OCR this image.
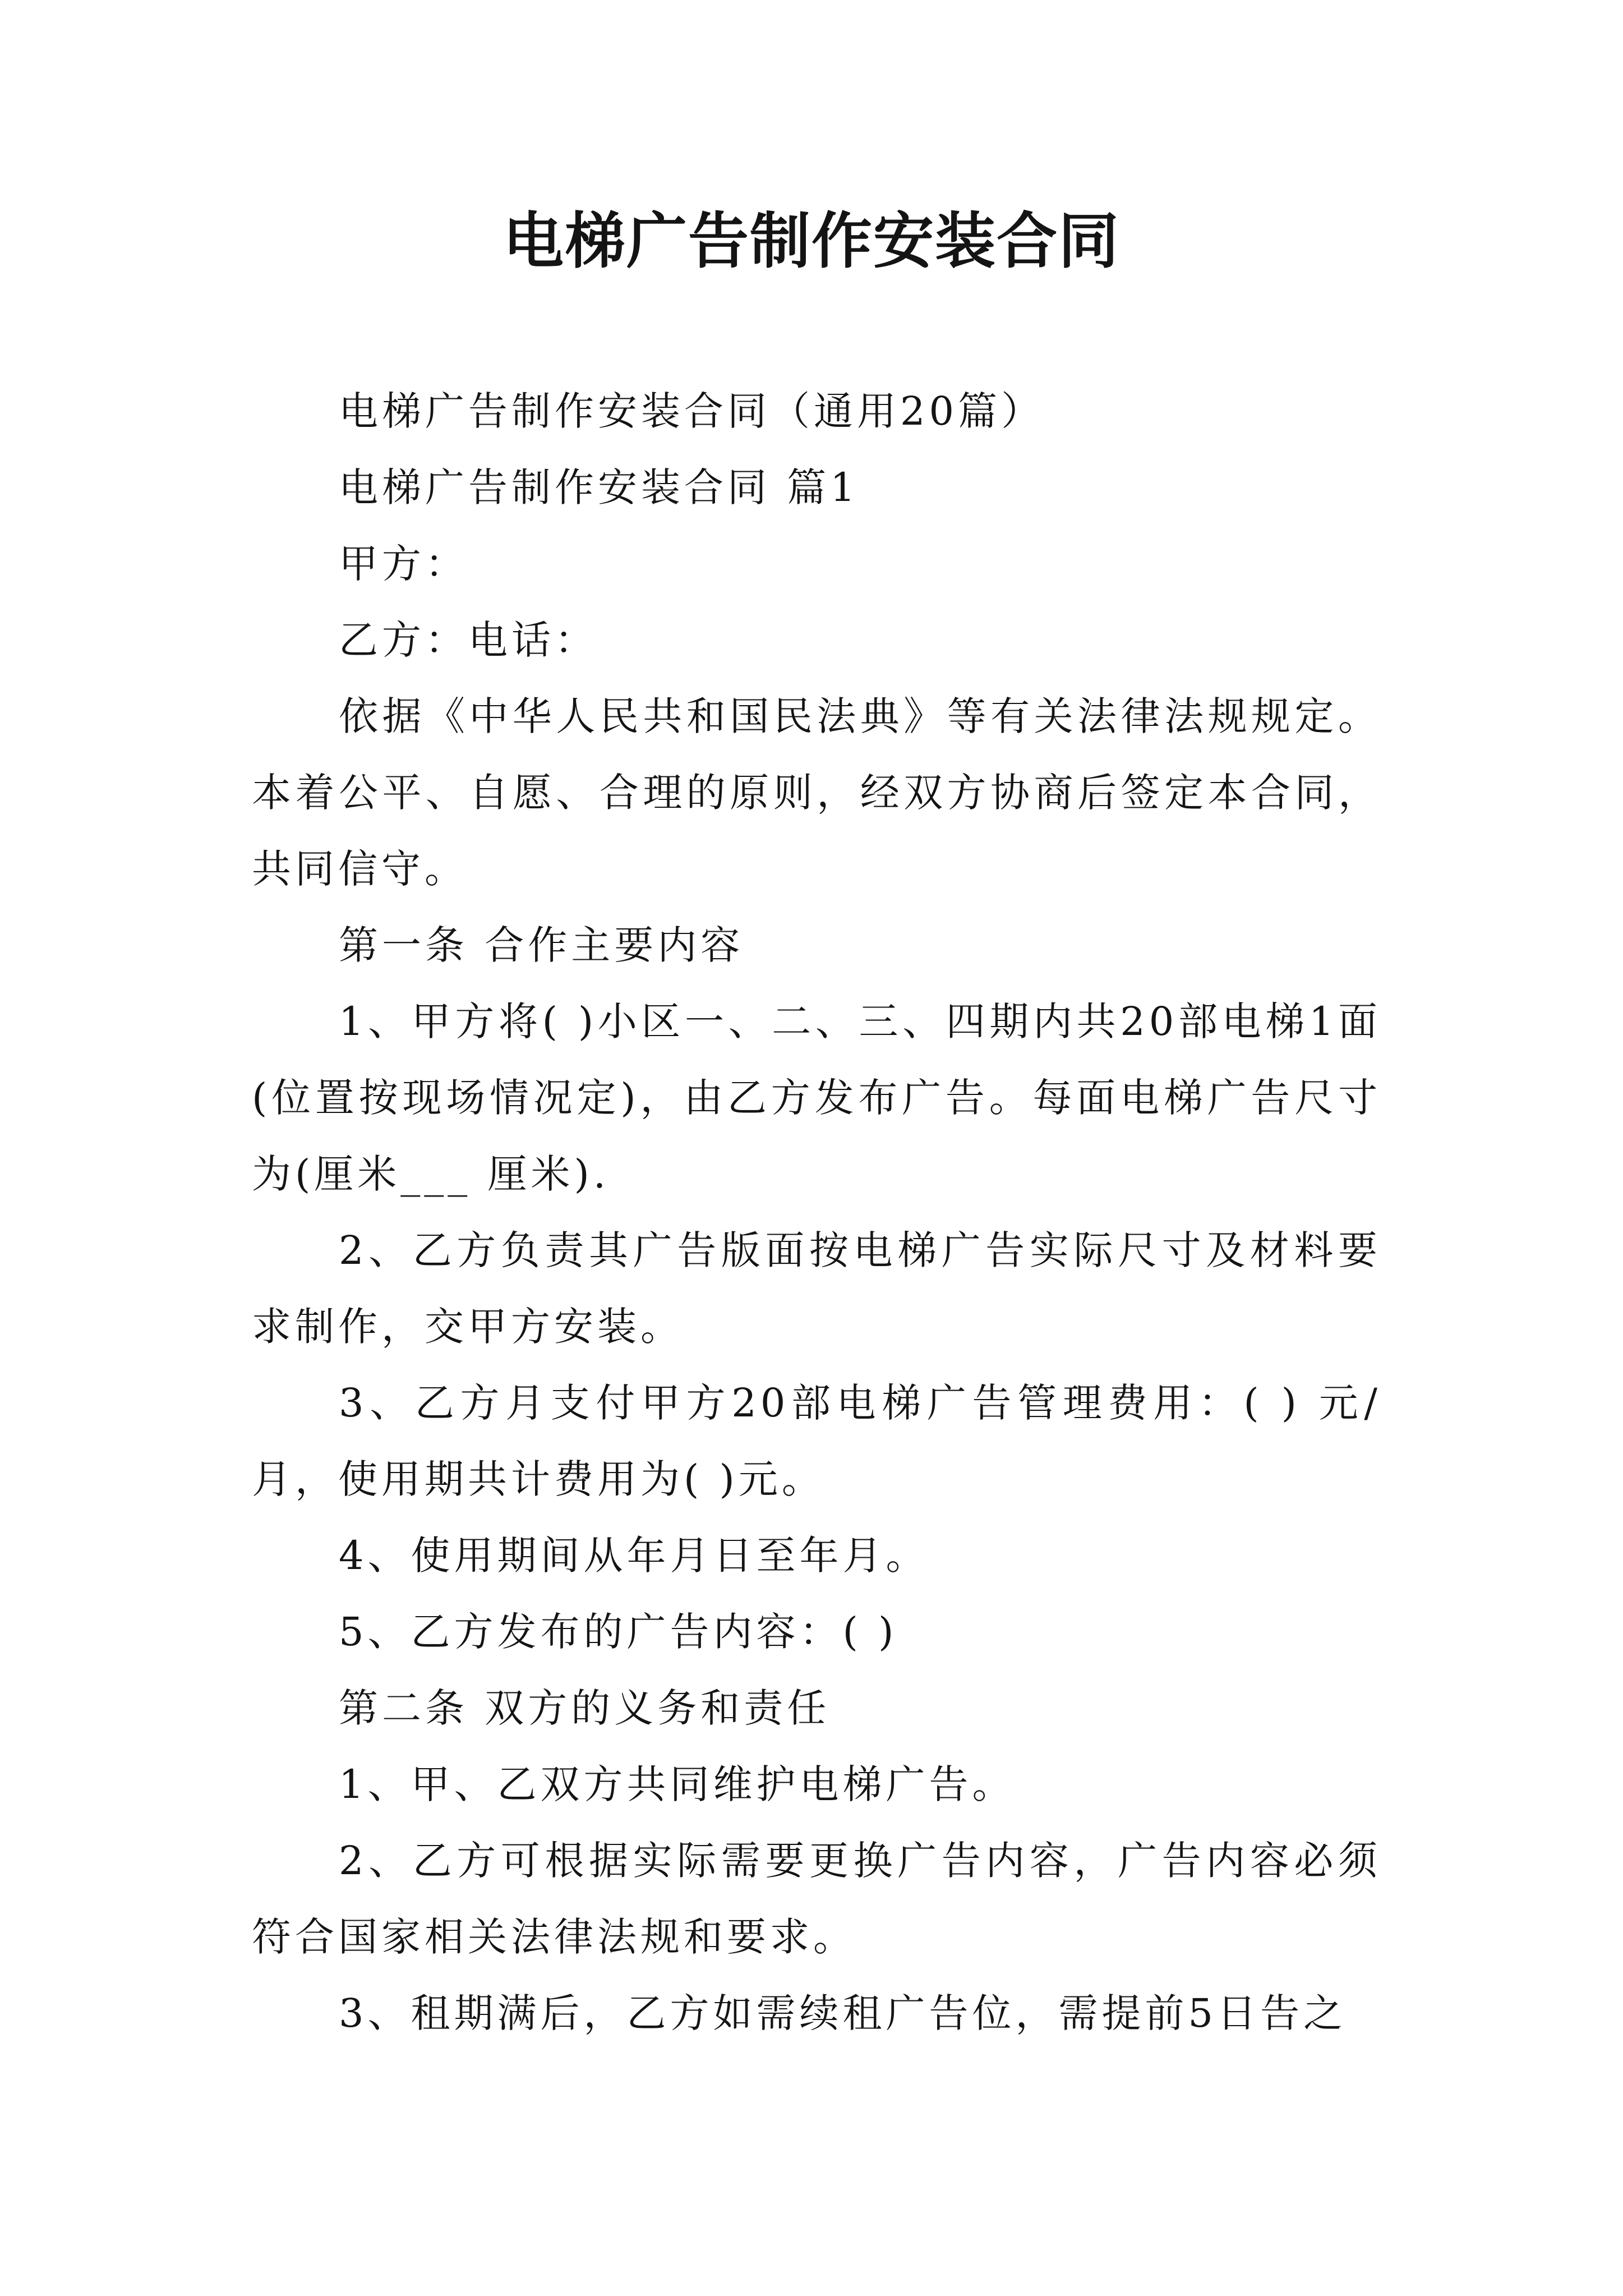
电梯广告制作安装合同

电梯广告制作安装合同（通用20篇）

电梯广告制作安装合同 篇1

甲方：

乙方：电话：

依据《中华人民共和国民法典》等有关法律法规规定。本着公平、自愿、合理的原则，经双方协商后签定本合同，共同信守。

第一条 合作主要内容

1、甲方将( )小区一、二、三、四期内共20部电梯1面(位置按现场情况定)，由乙方发布广告。每面电梯广告尺寸为(厘米___ 厘米).

2、乙方负责其广告版面按电梯广告实际尺寸及材料要求制作，交甲方安装。

3、乙方月支付甲方20部电梯广告管理费用：( ) 元/月，使用期共计费用为( )元。

4、使用期间从年月日至年月。

5、乙方发布的广告内容：( )

第二条 双方的义务和责任

1、甲、乙双方共同维护电梯广告。

2、乙方可根据实际需要更换广告内容，广告内容必须符合国家相关法律法规和要求。

3、租期满后，乙方如需续租广告位，需提前5日告之
